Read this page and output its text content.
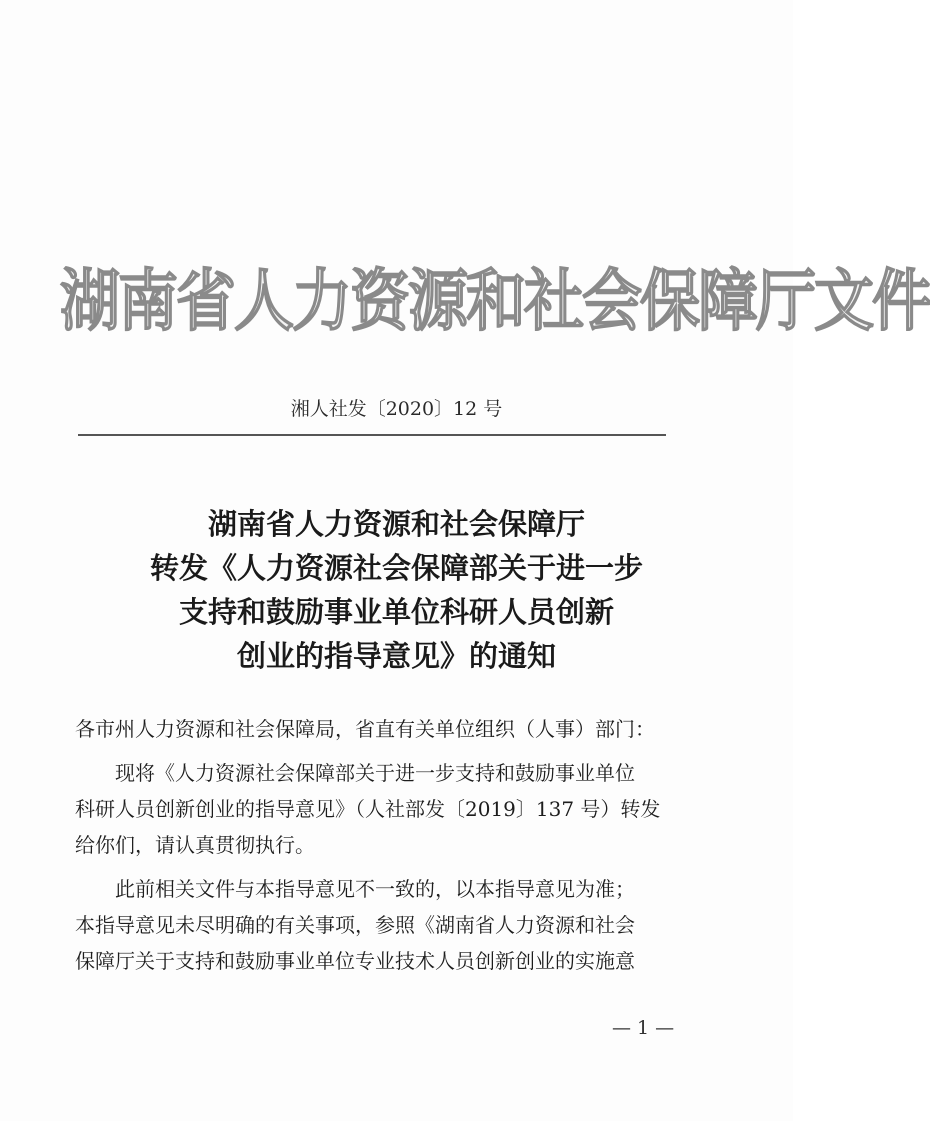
湖南省人力资源和社会保障厅文件
湘人社发〔2020〕12 号
湖南省人力资源和社会保障厅
转发《人力资源社会保障部关于进一步
支持和鼓励事业单位科研人员创新
创业的指导意见》的通知

各市州人力资源和社会保障局，省直有关单位组织（人事）部门：

　　现将《人力资源社会保障部关于进一步支持和鼓励事业单位

科研人员创新创业的指导意见》（人社部发〔2019〕137 号）转发

给你们，请认真贯彻执行。

　　此前相关文件与本指导意见不一致的，以本指导意见为准；

本指导意见未尽明确的有关事项，参照《湖南省人力资源和社会

保障厅关于支持和鼓励事业单位专业技术人员创新创业的实施意

— 1 —
